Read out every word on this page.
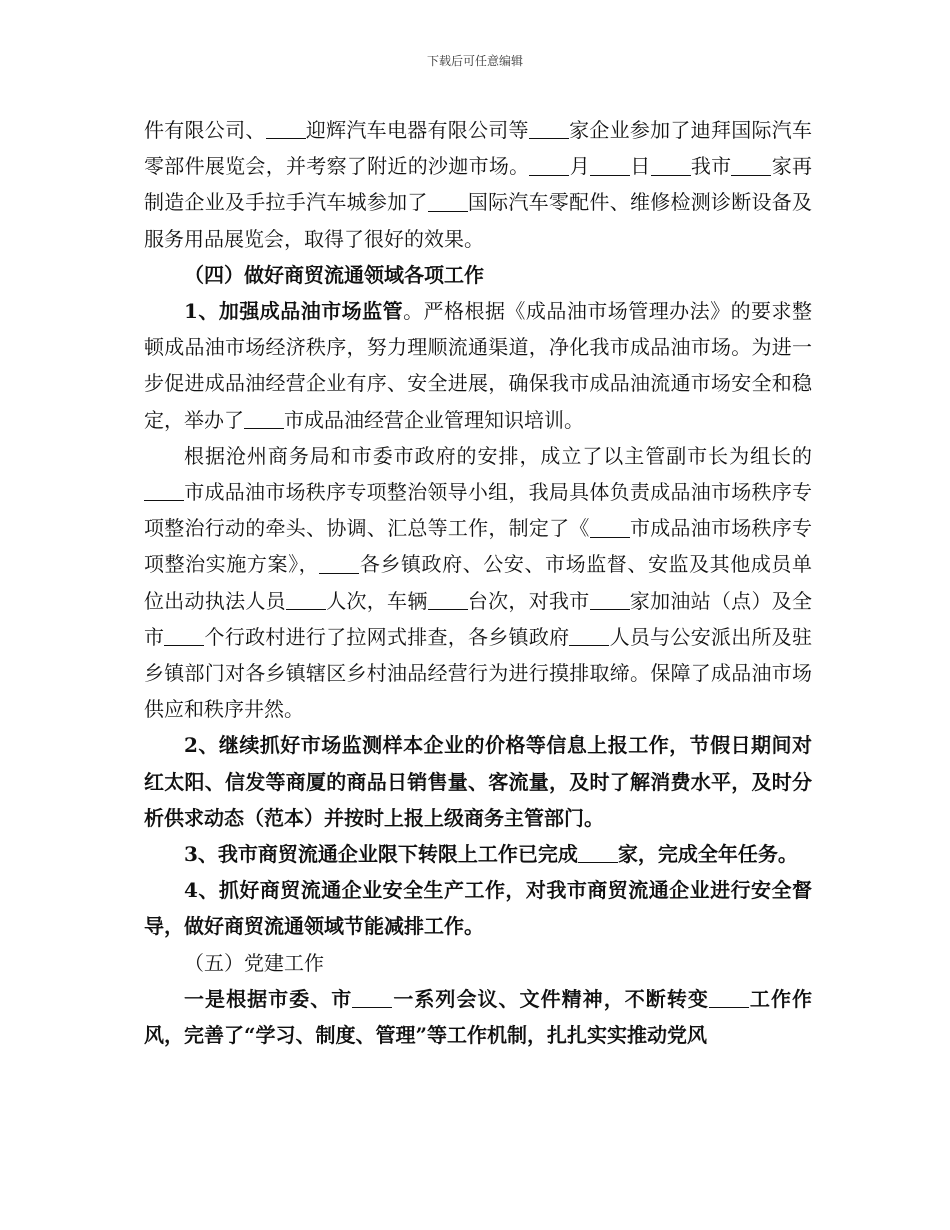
下载后可任意编辑

件有限公司、 迎辉汽车电器有限公司等 家企业参加了迪拜国际汽车零部件展览会，并考察了附近的沙迦市场。 月 日 我市 家再制造企业及手拉手汽车城参加了 国际汽车零配件、维修检测诊断设备及服务用品展览会，取得了很好的效果。

（四）做好商贸流通领域各项工作

1、加强成品油市场监管。严格根据《成品油市场管理办法》的要求整顿成品油市场经济秩序，努力理顺流通渠道，净化我市成品油市场。为进一步促进成品油经营企业有序、安全进展，确保我市成品油流通市场安全和稳定，举办了 市成品油经营企业管理知识培训。

根据沧州商务局和市委市政府的安排，成立了以主管副市长为组长的市成品油市场秩序专项整治领导小组，我局具体负责成品油市场秩序专项整治行动的牵头、协调、汇总等工作，制定了《 市成品油市场秩序专项整治实施方案》， 各乡镇政府、公安、市场监督、安监及其他成员单位出动执法人员 人次，车辆 台次，对我市 家加油站（点）及全市 个行政村进行了拉网式排查，各乡镇政府 人员与公安派出所及驻乡镇部门对各乡镇辖区乡村油品经营行为进行摸排取缔。保障了成品油市场供应和秩序井然。

2、继续抓好市场监测样本企业的价格等信息上报工作，节假日期间对红太阳、信发等商厦的商品日销售量、客流量，及时了解消费水平，及时分析供求动态（范本）并按时上报上级商务主管部门。

3、我市商贸流通企业限下转限上工作已完成 家，完成全年任务。

4、抓好商贸流通企业安全生产工作，对我市商贸流通企业进行安全督导，做好商贸流通领域节能减排工作。

（五）党建工作

一是根据市委、市 一系列会议、文件精神，不断转变 工作作风，完善了“学习、制度、管理”等工作机制，扎扎实实推动党风
